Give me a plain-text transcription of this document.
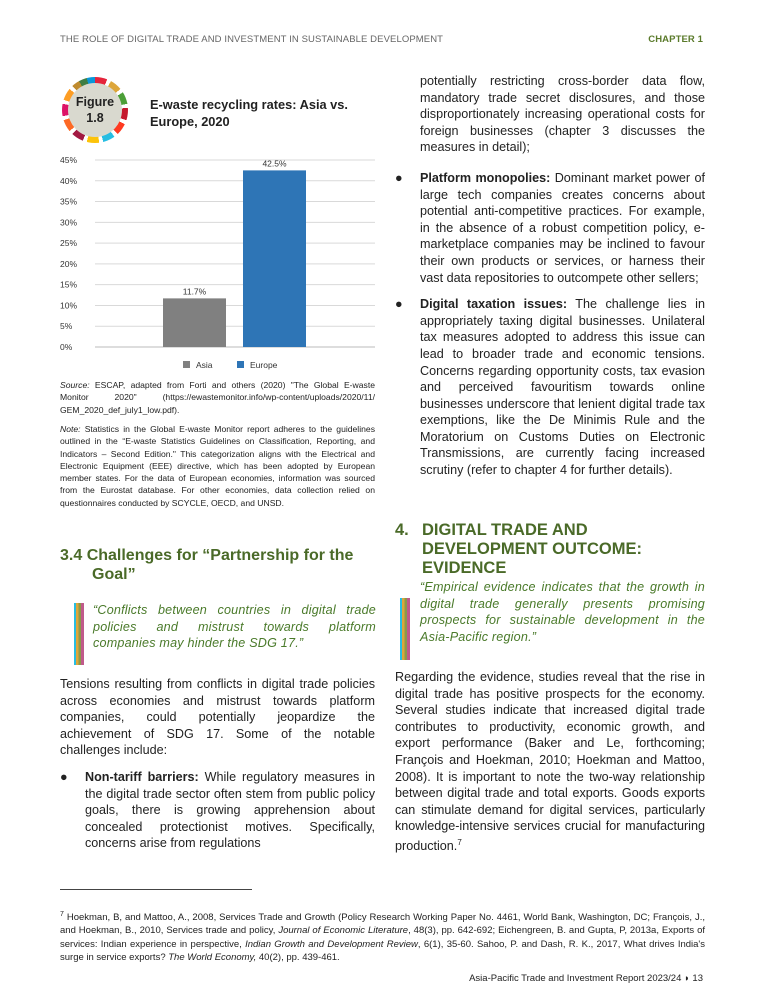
THE ROLE OF DIGITAL TRADE AND INVESTMENT IN SUSTAINABLE DEVELOPMENT	CHAPTER 1
Figure
1.8
E-waste recycling rates: Asia vs. Europe, 2020
0%
5%
10%
15%
20%
25%
30%
35%
40%
45%
11.7%
42.5%
Asia	Europe
Source: ESCAP, adapted from Forti and others (2020) "The Global E-waste Monitor 2020" (https://ewastemonitor.info/wp-content/uploads/2020/11/ GEM_2020_def_july1_low.pdf).
Note: Statistics in the Global E-waste Monitor report adheres to the guidelines outlined in the “E-waste Statistics Guidelines on Classification, Reporting, and Indicators – Second Edition." This categorization aligns with the Electrical and Electronic Equipment (EEE) directive, which has been adopted by European member states. For the data of European economies, information was sourced from the Eurostat database. For other economies, data collection relied on questionnaires conducted by SCYCLE, OECD, and UNSD.
3.4 Challenges for “Partnership for the Goal”
“Conflicts between countries in digital trade policies and mistrust towards platform companies may hinder the SDG 17.”

Tensions resulting from conflicts in digital trade policies across economies and mistrust towards platform companies, could potentially jeopardize the achievement of SDG 17. Some of the notable challenges include:

● Non-tariff barriers: While regulatory measures in the digital trade sector often stem from public policy goals, there is growing apprehension about concealed protectionist motives. Specifically, concerns arise from regulations
potentially restricting cross-border data flow, mandatory trade secret disclosures, and those disproportionately increasing operational costs for foreign businesses (chapter 3 discusses the measures in detail);
● Platform monopolies: Dominant market power of large tech companies creates concerns about potential anti-competitive practices. For example, in the absence of a robust competition policy, e-marketplace companies may be inclined to favour their own products or services, or harness their vast data repositories to outcompete other sellers;
● Digital taxation issues: The challenge lies in appropriately taxing digital businesses. Unilateral tax measures adopted to address this issue can lead to broader trade and economic tensions. Concerns regarding opportunity costs, tax evasion and perceived favouritism towards online businesses underscore that lenient digital trade tax exemptions, like the De Minimis Rule and the Moratorium on Customs Duties on Electronic Transmissions, are currently facing increased scrutiny (refer to chapter 4 for further details).
4. DIGITAL TRADE AND DEVELOPMENT OUTCOME: EVIDENCE
“Empirical evidence indicates that the growth in digital trade generally presents promising prospects for sustainable development in the Asia-Pacific region.”
Regarding the evidence, studies reveal that the rise in digital trade has positive prospects for the economy. Several studies indicate that increased digital trade contributes to productivity, economic growth, and export performance (Baker and Le, forthcoming; François and Hoekman, 2010; Hoekman and Mattoo, 2008). It is important to note the two-way relationship between digital trade and total exports. Goods exports can stimulate demand for digital services, particularly knowledge-intensive services crucial for manufacturing production.$^7$
$^7$ Hoekman, B, and Mattoo, A., 2008, Services Trade and Growth (Policy Research Working Paper No. 4461, World Bank, Washington, DC; François, J., and Hoekman, B., 2010, Services trade and policy, Journal of Economic Literature, 48(3), pp. 642-692; Eichengreen, B. and Gupta, P, 2013a, Exports of services: Indian experience in perspective, Indian Growth and Development Review, 6(1), 35-60. Sahoo, P. and Dash, R. K., 2017, What drives India's surge in service exports? The World Economy, 40(2), pp. 439-461.
Asia-Pacific Trade and Investment Report 2023/24 ◗ 13
